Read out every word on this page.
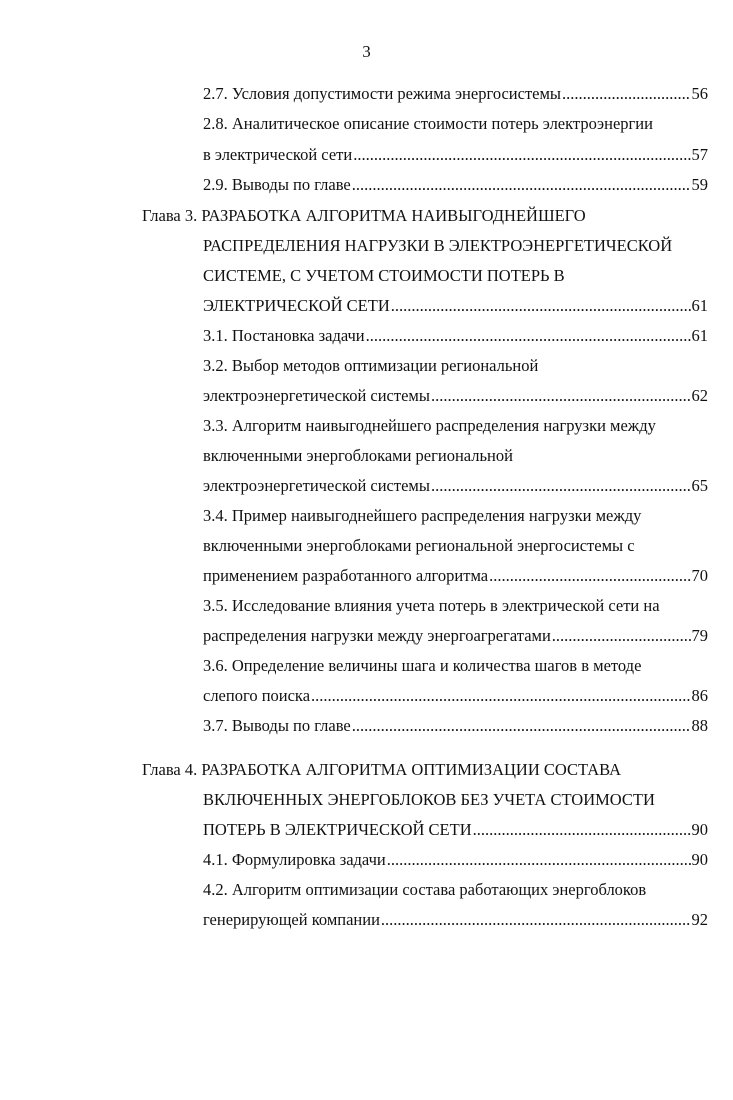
3
2.7. Условия допустимости режима энергосистемы .....	56
2.8. Аналитическое описание стоимости потерь электроэнергии
в электрической сети .....	57
2.9. Выводы по главе .....	59
Глава 3. РАЗРАБОТКА АЛГОРИТМА НАИВЫГОДНЕЙШЕГО
РАСПРЕДЕЛЕНИЯ НАГРУЗКИ В ЭЛЕКТРОЭНЕРГЕТИЧЕСКОЙ
СИСТЕМЕ, С УЧЕТОМ СТОИМОСТИ ПОТЕРЬ В
ЭЛЕКТРИЧЕСКОЙ СЕТИ .....	61
3.1. Постановка задачи .....	61
3.2. Выбор методов оптимизации региональной
электроэнергетической системы .....	62
3.3. Алгоритм наивыгоднейшего распределения нагрузки между
включенными энергоблоками региональной
электроэнергетической системы .....	65
3.4. Пример наивыгоднейшего распределения нагрузки между
включенными энергоблоками региональной энергосистемы с
применением разработанного алгоритма .....	70
3.5. Исследование влияния учета потерь в электрической сети на
распределения нагрузки между энергоагрегатами .....	79
3.6. Определение величины шага и количества шагов в методе
слепого поиска .....	86
3.7. Выводы по главе .....	88
Глава 4. РАЗРАБОТКА АЛГОРИТМА ОПТИМИЗАЦИИ СОСТАВА
ВКЛЮЧЕННЫХ ЭНЕРГОБЛОКОВ БЕЗ УЧЕТА СТОИМОСТИ
ПОТЕРЬ В ЭЛЕКТРИЧЕСКОЙ СЕТИ .....	90
4.1. Формулировка задачи .....	90
4.2. Алгоритм оптимизации состава работающих энергоблоков
генерирующей компании .....	92
